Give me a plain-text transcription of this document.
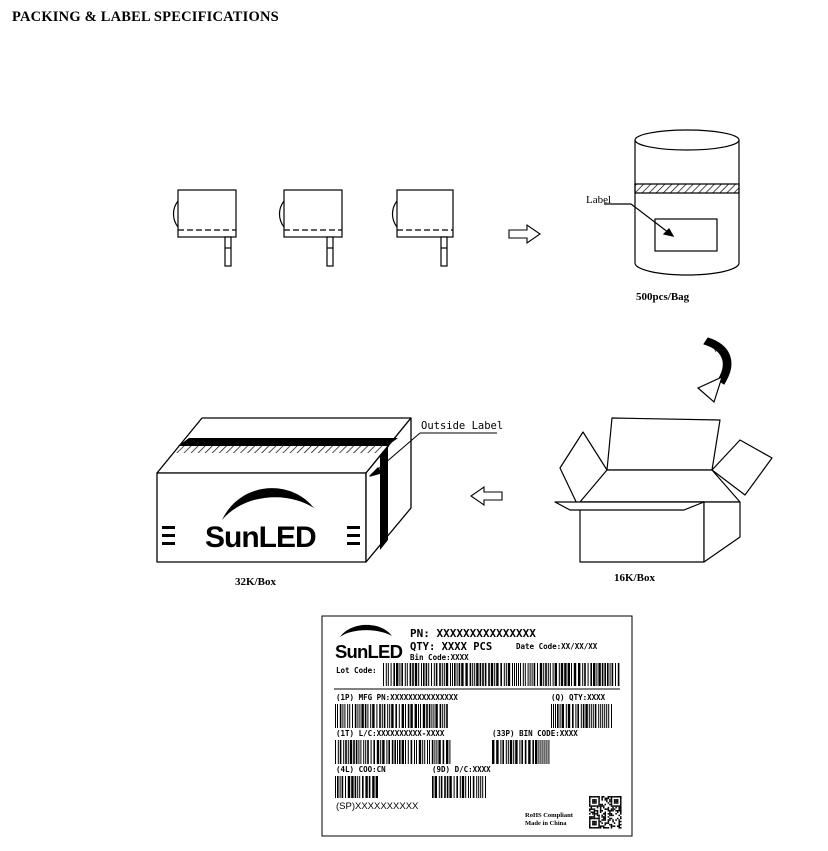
PACKING & LABEL SPECIFICATIONS
Label
500pcs/Bag
16K/Box
SunLED
Outside Label
32K/Box
SunLED
PN: XXXXXXXXXXXXXXX
QTY: XXXX PCS
Bin Code:XXXX
Date Code:XX/XX/XX
Lot Code:
(1P) MFG PN:XXXXXXXXXXXXXXX	(Q) QTY:XXXX
(1T) L/C:XXXXXXXXXX-XXXX	(33P) BIN CODE:XXXX
(4L) COO:CN	(9D) D/C:XXXX
(SP)XXXXXXXXXX
RoHS Compliant
Made in China
